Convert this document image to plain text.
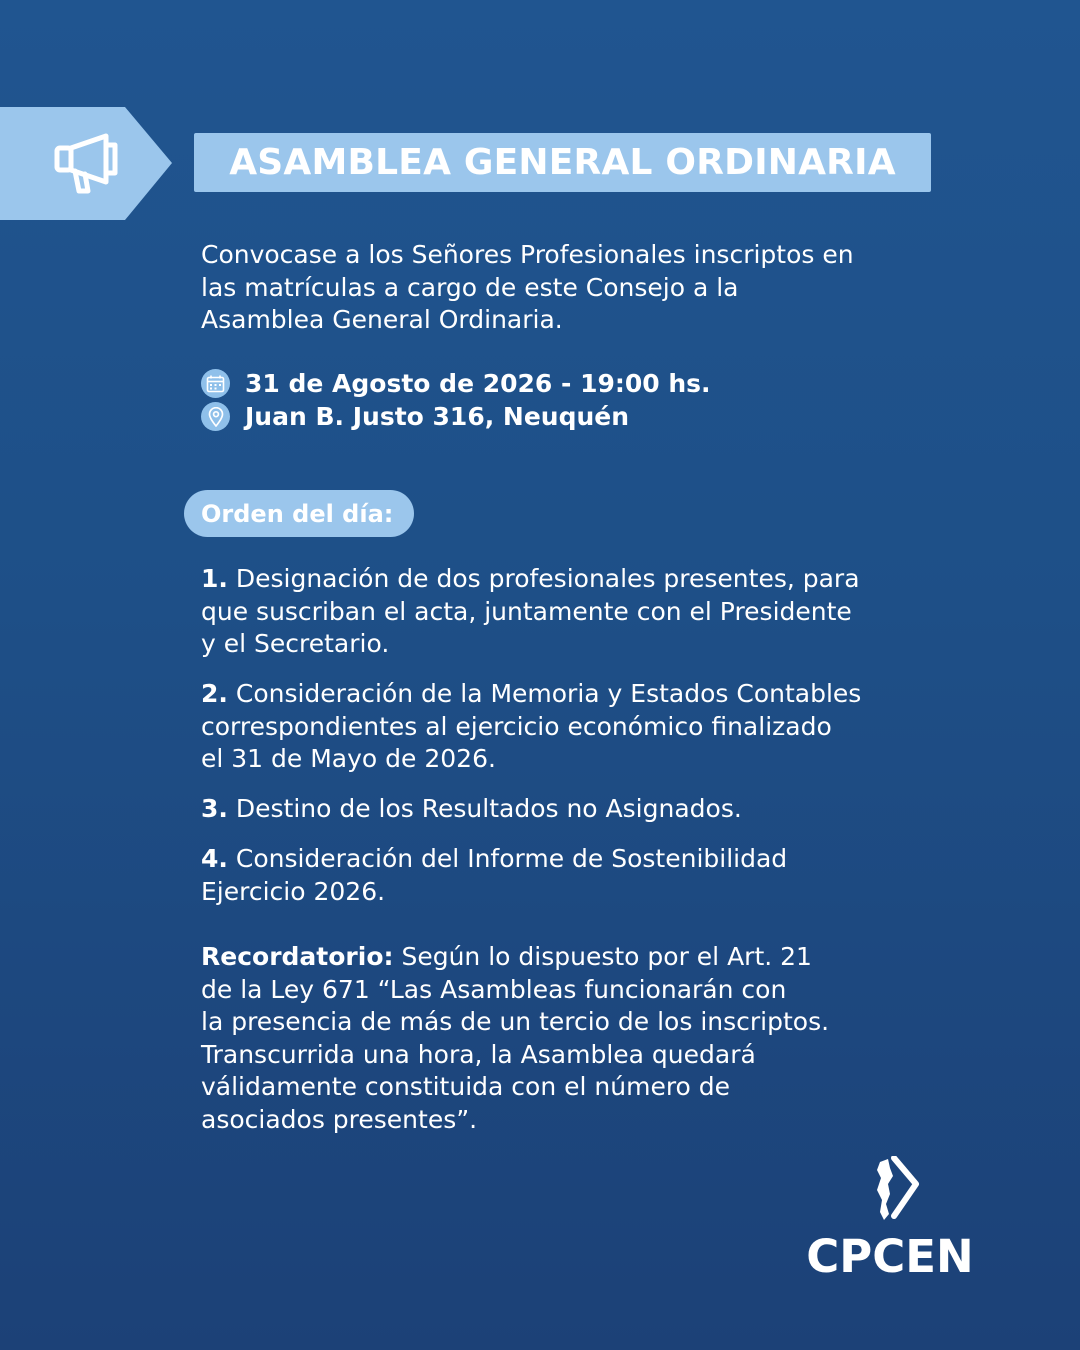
ASAMBLEA GENERAL ORDINARIA
Convocase a los Señores Profesionales inscriptos en
las matrículas a cargo de este Consejo a la
Asamblea General Ordinaria.
31 de Agosto de 2026 - 19:00 hs.
Juan B. Justo 316, Neuquén
Orden del día:
1. Designación de dos profesionales presentes, para
que suscriban el acta, juntamente con el Presidente
y el Secretario.
2. Consideración de la Memoria y Estados Contables
correspondientes al ejercicio económico finalizado
el 31 de Mayo de 2026.
3. Destino de los Resultados no Asignados.
4. Consideración del Informe de Sostenibilidad
Ejercicio 2026.
Recordatorio: Según lo dispuesto por el Art. 21
de la Ley 671 “Las Asambleas funcionarán con
la presencia de más de un tercio de los inscriptos.
Transcurrida una hora, la Asamblea quedará
válidamente constituida con el número de
asociados presentes”.
CPCEN
